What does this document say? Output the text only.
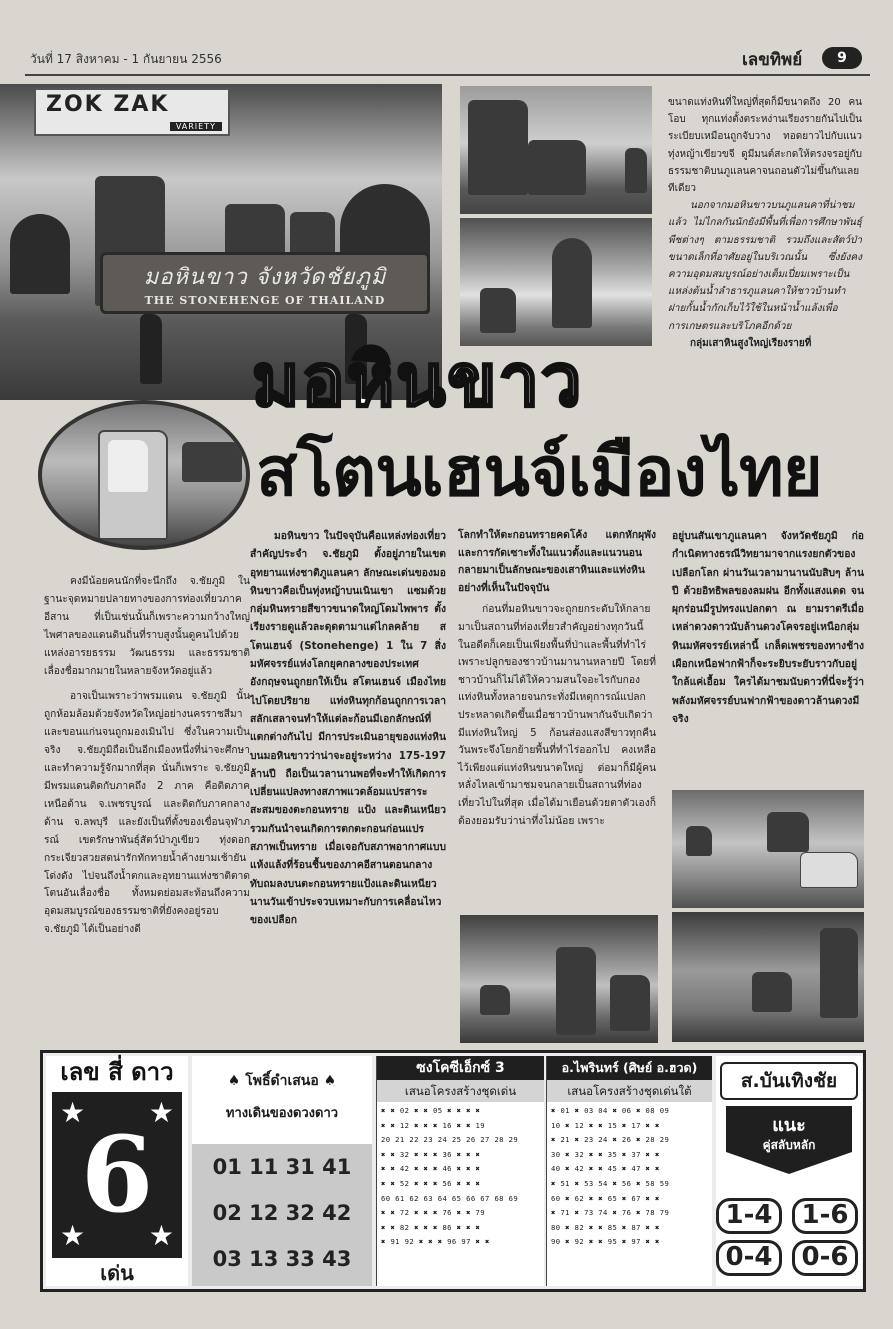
วันที่ 17 สิงหาคม - 1 กันยายน 2556	เลขทิพย์	9
มอหินขาว จังหวัดชัยภูมิ
THE STONEHENGE OF THAILAND
ZOK ZAK
VARIETY

ขนาดแท่งหินที่ใหญ่ที่สุดก็มีขนาดถึง 20 คนโอบ ทุกแท่งตั้งตระหง่านเรียงรายกันไปเป็นระเบียบเหมือนถูกจับวาง ทอดยาวไปกับแนวทุ่งหญ้าเขียวขจี ดูมีมนต์สะกดให้ตรงจรอยู่กับธรรมชาติบนภูแลนคาจนถอนตัวไม่ขึ้นกันเลยทีเดียว

นอกจากมอหินขาวบนภูแลนคาที่น่าชมแล้ว ไม่ไกลกันนักยังมีพื้นที่เพื่อการศึกษาพันธุ์พืชต่างๆ ตามธรรมชาติ รวมถึงและสัตว์ป่าขนาดเล็กที่อาศัยอยู่ในบริเวณนั้น ซึ่งยังคงความอุดมสมบูรณ์อย่างเต็มเปี่ยมเพราะเป็นแหล่งต้นน้ำลำธารภูแลนคาให้ชาวบ้านทำฝายกั้นน้ำกักเก็บไว้ใช้ในหน้าน้ำแล้งเพื่อการเกษตรและบริโภคอีกด้วย

กลุ่มเสาหินสูงใหญ่เรียงรายที่

มอหินขาว
สโตนเฮนจ์เมืองไทย

คงมีน้อยคนนักที่จะนึกถึง จ.ชัยภูมิ ในฐานะจุดหมายปลายทางของการท่องเที่ยวภาคอีสาน ที่เป็นเช่นนั้นก็เพราะความกว้างใหญ่ไพศาลของแดนดินถิ่นที่ราบสูงนั้นดูคนไปด้วยแหล่งอารยธรรม วัฒนธรรม และธรรมชาติเลื่องชื่อมากมายในหลายจังหวัดอยู่แล้ว

อาจเป็นเพราะว่าพรมแดน จ.ชัยภูมิ นั้นถูกห้อมล้อมด้วยจังหวัดใหญ่อย่างนครราชสีมาและขอนแก่นจนถูกมองเมินไป ซึ่งในความเป็นจริง จ.ชัยภูมิถือเป็นอีกเมืองหนึ่งที่น่าจะศึกษาและทำความรู้จักมากที่สุด นั่นก็เพราะ จ.ชัยภูมิ มีพรมแดนติดกับภาคถึง 2 ภาค คือติดภาคเหนือด้าน จ.เพชรบูรณ์ และติดกับภาคกลางด้าน จ.ลพบุรี และยังเป็นที่ตั้งของเขื่อนจุฬาภรณ์ เขตรักษาพันธุ์สัตว์ป่าภูเขียว ทุ่งดอกกระเจียวสวยสดน่ารักทักทายน้ำค้างยามเช้ายันโด่งดัง ไปจนถึงน้ำตกและอุทยานแห่งชาติตาดโตนอันเลื่องชื่อ ทั้งหมดย่อมสะท้อนถึงความอุดมสมบูรณ์ของธรรมชาติที่ยังคงอยู่รอบ จ.ชัยภูมิ ได้เป็นอย่างดี

มอหินขาว ในปัจจุบันคือแหล่งท่องเที่ยวสำคัญประจำ จ.ชัยภูมิ ตั้งอยู่ภายในเขตอุทยานแห่งชาติภูแลนคา ลักษณะเด่นของมอหินขาวคือเป็นทุ่งหญ้าบนเนินเขา แซมด้วยกลุ่มหินทรายสีขาวขนาดใหญ่โดมไพพาร ตั้งเรียงรายดูแล้วละดุดตามาแต่ไกลคล้าย สโตนเฮนจ์ (Stonehenge) 1 ใน 7 สิ่งมหัศจรรย์แห่งโลกยุคกลางของประเทศอังกฤษจนถูกยกให้เป็น สโตนเฮนจ์ เมืองไทยไปโดยปริยาย แท่งหินทุกก้อนถูกการเวลาสลักเสลาจนทำให้แต่ละก้อนมีเอกลักษณ์ที่แตกต่างกันไป มีการประเมินอายุของแท่งหินบนมอหินขาวว่าน่าจะอยู่ระหว่าง 175-197 ล้านปี ถือเป็นเวลานานพอที่จะทำให้เกิดการเปลี่ยนแปลงทางสภาพแวดล้อมแปรสาระสะสมของตะกอนทราย แป้ง และดินเหนียว รวมกันนำจนเกิดการตกตะกอนก่อนแปรสภาพเป็นทราย เมื่อเจอกับสภาพอากาศแบบแห้งแล้งที่ร้อนชื้นของภาคอีสานตอนกลางทับถมลงบนตะกอนทรายแป้งและดินเหนียวนานวันเข้าประจวบเหมาะกับการเคลื่อนไหวของเปลือก

โลกทำให้ตะกอนทรายคดโค้ง แตกหักผุพังและการกัดเซาะทั้งในแนวตั้งและแนวนอน กลายมาเป็นลักษณะของเสาหินและแท่งหินอย่างที่เห็นในปัจจุบัน

ก่อนที่มอหินขาวจะถูกยกระดับให้กลายมาเป็นสถานที่ท่องเที่ยวสำคัญอย่างทุกวันนี้ ในอดีตก็เคยเป็นเพียงพื้นที่ป่าและพื้นที่ทำไร่เพราะปลูกของชาวบ้านมานานหลายปี โดยที่ชาวบ้านก็ไม่ได้ให้ความสนใจอะไรกับกองแท่งหินทั้งหลายจนกระทั่งมีเหตุการณ์แปลกประหลาดเกิดขึ้นเมื่อชาวบ้านพากันจับเกิดว่ามีแท่งหินใหญ่ 5 ก้อนส่องแสงสีขาวทุกคืนวันพระจึงโยกย้ายพื้นที่ทำไร่ออกไป คงเหลือไว้เพียงแต่แท่งหินขนาดใหญ่ ต่อมาก็มีผู้คนหลั่งไหลเข้ามาชมจนกลายเป็นสถานที่ท่องเที่ยวไปในที่สุด เมื่อได้มาเยือนด้วยตาตัวเองก็ต้องยอมรับว่าน่าทึ่งไม่น้อย เพราะ

อยู่บนสันเขาภูแลนคา จังหวัดชัยภูมิ ก่อกำเนิดทางธรณีวิทยามาจากแรงยกตัวของเปลือกโลก ผ่านวันเวลามานานนับสิบๆ ล้านปี ด้วยอิทธิพลของลมฝน อีกทั้งแสงแดด จนผุกร่อนมีรูปทรงแปลกตา ณ ยามราตรีเมื่อเหล่าดวงดาวนับล้านดวงโคจรอยู่เหนือกลุ่มหินมหัศจรรย์เหล่านี้ เกล็ดเพชรของทางช้างเผือกเหนือฟากฟ้าก็จะระยิบระยับราวกับอยู่ใกล้แค่เอื้อม ใครได้มาชมนับดาวที่นี่จะรู้ว่าพลังมหัศจรรย์บนฟากฟ้าของดาวล้านดวงมีจริง

เลข สี่ ดาว
★ ★
★ ★
6
เด่น
♠ โพธิ์ดำเสนอ ♠
ทางเดินของดวงดาว
01 11 31 41
02 12 32 42
03 13 33 43
ซงโคซีเอ็กซ์ 3
เสนอโครงสร้างชุดเด่น
✖ ✖ 02 ✖ ✖ 05 ✖ ✖ ✖ ✖
✖ ✖ 12 ✖ ✖ ✖ 16 ✖ ✖ 19
20 21 22 23 24 25 26 27 28 29
✖ ✖ 32 ✖ ✖ ✖ 36 ✖ ✖ ✖
✖ ✖ 42 ✖ ✖ ✖ 46 ✖ ✖ ✖
✖ ✖ 52 ✖ ✖ ✖ 56 ✖ ✖ ✖
60 61 62 63 64 65 66 67 68 69
✖ ✖ 72 ✖ ✖ ✖ 76 ✖ ✖ 79
✖ ✖ 82 ✖ ✖ ✖ 86 ✖ ✖ ✖
✖ 91 92 ✖ ✖ ✖ 96 97 ✖ ✖
อ.ไพรินทร์ (ศิษย์ อ.ฮวด)
เสนอโครงสร้างชุดเด่นใต้
✖ 01 ✖ 03 04 ✖ 06 ✖ 08 09
10 ✖ 12 ✖ ✖ 15 ✖ 17 ✖ ✖
✖ 21 ✖ 23 24 ✖ 26 ✖ 28 29
30 ✖ 32 ✖ ✖ 35 ✖ 37 ✖ ✖
40 ✖ 42 ✖ ✖ 45 ✖ 47 ✖ ✖
✖ 51 ✖ 53 54 ✖ 56 ✖ 58 59
60 ✖ 62 ✖ ✖ 65 ✖ 67 ✖ ✖
✖ 71 ✖ 73 74 ✖ 76 ✖ 78 79
80 ✖ 82 ✖ ✖ 85 ✖ 87 ✖ ✖
90 ✖ 92 ✖ ✖ 95 ✖ 97 ✖ ✖
ส.บันเทิงชัย
แนะ
คู่สลับหลัก
1-4	1-6
0-4	0-6
